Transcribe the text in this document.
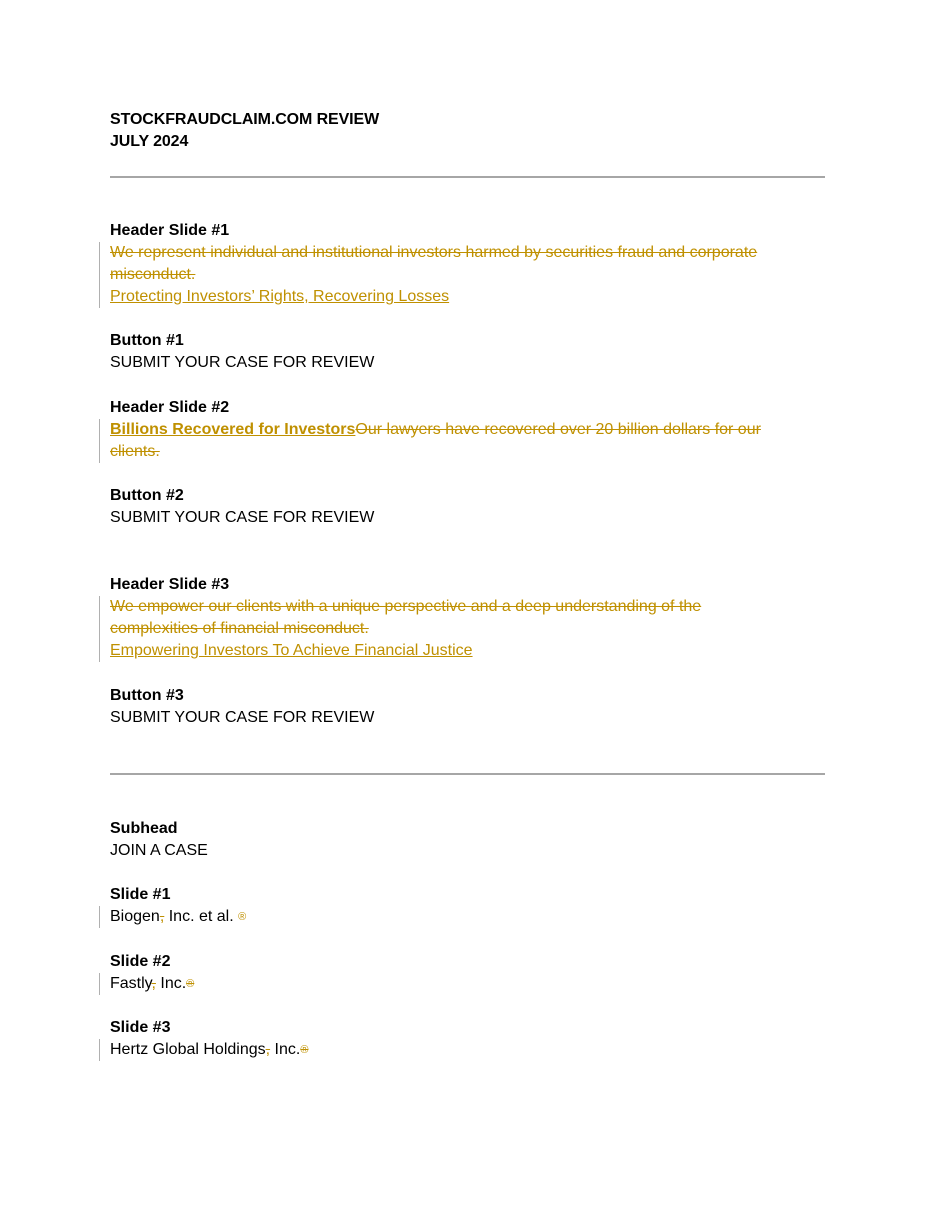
STOCKFRAUDCLAIM.COM REVIEW
JULY 2024
Header Slide #1
We represent individual and institutional investors harmed by securities fraud and corporate
misconduct.
Protecting Investors’ Rights, Recovering Losses
Button #1
SUBMIT YOUR CASE FOR REVIEW
Header Slide #2
Billions Recovered for InvestorsOur lawyers have recovered over 20 billion dollars for our
clients.
Button #2
SUBMIT YOUR CASE FOR REVIEW
Header Slide #3
We empower our clients with a unique perspective and a deep understanding of the
complexities of financial misconduct.
Empowering Investors To Achieve Financial Justice
Button #3
SUBMIT YOUR CASE FOR REVIEW
Subhead
JOIN A CASE
Slide #1
Biogen, Inc. et al. ®
Slide #2
Fastly, Inc.®
Slide #3
Hertz Global Holdings, Inc.®
